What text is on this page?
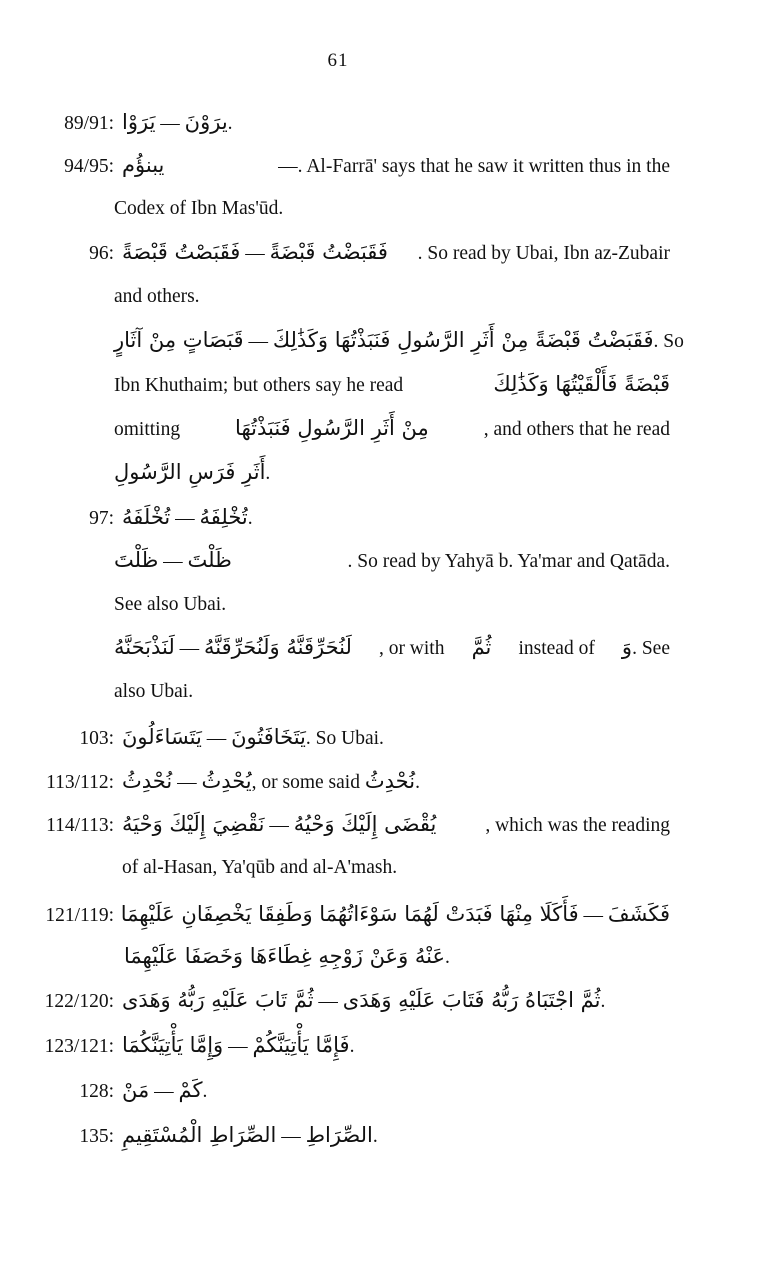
61
89/91: يَرَوْا
—
يرَوْنَ .
94/95: يبنؤُم
	—. Al-Farrā' says that he saw it written thus in the
Codex of Ibn Mas'ūd.
96: فَقَبَصْتُ قَبْصَةً
—
فَقَبَضْتُ قَبْضَةً . So read by Ubai, Ibn az-Zubair
and others.
قَبَصَاتٍ مِنْ آثَارٍ
—
فَقَبَضْتُ قَبْضَةً مِنْ أَثَرِ الرَّسُولِ فَنَبَذْتُهَا وَكَذَٰلِكَ . So
Ibn Khuthaim; but others say he read	قَبْضَةً فَأَلْقَيْتُهَا وَكَذَٰلِكَ
omitting	مِنْ أَثَرِ الرَّسُولِ فَنَبَذْتُهَا	, and others that he read
أَثَرِ فَرَسِ الرَّسُولِ .
97: تُخْلَفَهُ
—
تُخْلِفَهُ .
ظَلْتَ
—
ظَلْتَ	. So read by Yahyā b. Ya'mar and Qatāda.
See also Ubai.
لَنَذْبَحَنَّهُ
—
لَنُحَرِّقَنَّهُ وَلَنُحَرِّقَنَّهُ , or with ثُمَّ instead of وَ . See
also Ubai.
103: يَتَسَاءَلُونَ
—
يَتَخَافَتُونَ . So Ubai.
113/112: نُحْدِثُ
—
يُحْدِثُ , or some said
نُحْدِثُ .
114/113: نَقْضِيَ إِلَيْكَ وَحْيَهُ
—
يُقْضَى إِلَيْكَ وَحْيُهُ	, which was the reading
of al-Hasan, Ya'qūb and al-A'mash.
121/119: فَأَكَلَا مِنْهَا فَبَدَتْ لَهُمَا سَوْءَاتُهُمَا وَطَفِقَا يَخْصِفَانِ عَلَيْهِمَا
—
فَكَشَفَ
عَنْهُ وَعَنْ زَوْجِهِ غِطَاءَهَا وَخَصَفَا عَلَيْهِمَا .
122/120: ثُمَّ تَابَ عَلَيْهِ رَبُّهُ وَهَدَى
—
ثُمَّ اجْتَبَاهُ رَبُّهُ فَتَابَ عَلَيْهِ وَهَدَى .
123/121: وَإِمَّا يَأْتِيَنَّكُمَا
—
فَإِمَّا يَأْتِيَنَّكُمْ .
128: مَنْ
—
كَمْ .
135: الصِّرَاطِ الْمُسْتَقِيمِ
—
الصِّرَاطِ .
